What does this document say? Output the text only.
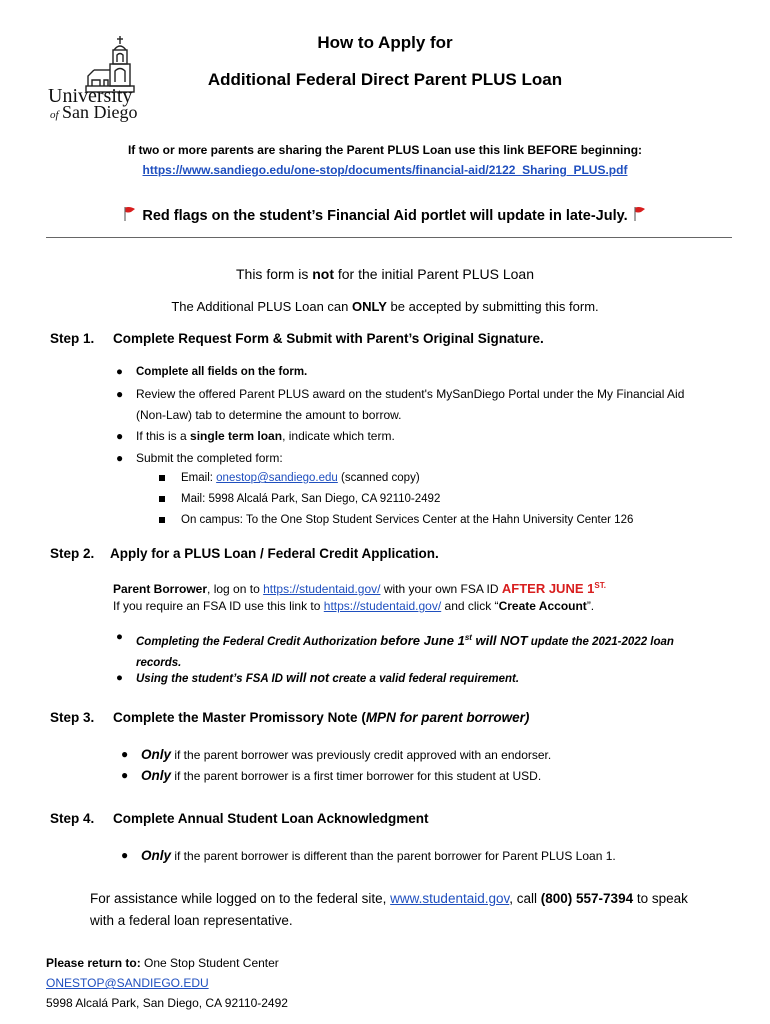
University
of San Diego
How to Apply for
Additional Federal Direct Parent PLUS Loan
If two or more parents are sharing the Parent PLUS Loan use this link BEFORE beginning:
https://www.sandiego.edu/one-stop/documents/financial-aid/2122_Sharing_PLUS.pdf
Red flags on the student’s Financial Aid portlet will update in late-July.
This form is not for the initial Parent PLUS Loan
The Additional PLUS Loan can ONLY be accepted by submitting this form.
Step 1. Complete Request Form & Submit with Parent’s Original Signature.
● Complete all fields on the form.
● Review the offered Parent PLUS award on the student's MySanDiego Portal under the My Financial Aid
(Non-Law) tab to determine the amount to borrow.
● If this is a single term loan, indicate which term.
● Submit the completed form:
Email: onestop@sandiego.edu (scanned copy)
Mail: 5998 Alcalá Park, San Diego, CA 92110-2492
On campus: To the One Stop Student Services Center at the Hahn University Center 126
Step 2. Apply for a PLUS Loan / Federal Credit Application.
Parent Borrower, log on to https://studentaid.gov/ with your own FSA ID AFTER JUNE $1^{ST.}$
If you require an FSA ID use this link to https://studentaid.gov/ and click “Create Account”.
● Completing the Federal Credit Authorization before June 1st will NOT update the 2021-2022 loan
records.
● Using the student’s FSA ID will not create a valid federal requirement.
Step 3. Complete the Master Promissory Note (MPN for parent borrower)
● Only if the parent borrower was previously credit approved with an endorser.
● Only if the parent borrower is a first timer borrower for this student at USD.
Step 4. Complete Annual Student Loan Acknowledgment
● Only if the parent borrower is different than the parent borrower for Parent PLUS Loan 1.
For assistance while logged on to the federal site, www.studentaid.gov, call (800) 557-7394 to speak
with a federal loan representative.
Please return to: One Stop Student Center
ONESTOP@SANDIEGO.EDU
5998 Alcalá Park, San Diego, CA 92110-2492
